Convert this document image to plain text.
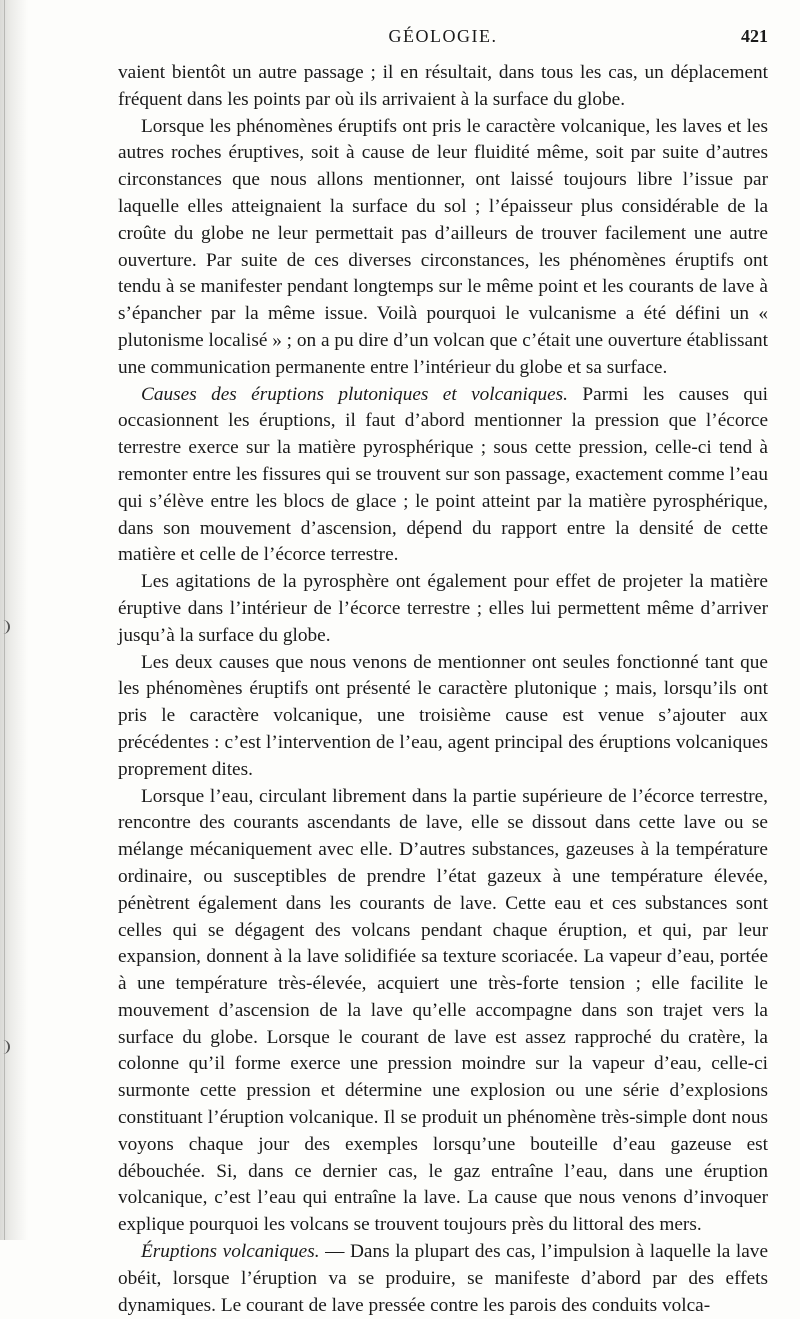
GÉOLOGIE.	421

vaient bientôt un autre passage ; il en résultait, dans tous les cas, un déplacement fréquent dans les points par où ils arrivaient à la surface du globe.

Lorsque les phénomènes éruptifs ont pris le caractère volcanique, les laves et les autres roches éruptives, soit à cause de leur fluidité même, soit par suite d’autres circonstances que nous allons mentionner, ont laissé toujours libre l’issue par laquelle elles atteignaient la surface du sol ; l’épaisseur plus considérable de la croûte du globe ne leur permettait pas d’ailleurs de trouver facilement une autre ouverture. Par suite de ces diverses circonstances, les phénomènes éruptifs ont tendu à se manifester pendant longtemps sur le même point et les courants de lave à s’épancher par la même issue. Voilà pourquoi le vulcanisme a été défini un « plutonisme localisé » ; on a pu dire d’un volcan que c’était une ouverture établissant une communication permanente entre l’intérieur du globe et sa surface.

Causes des éruptions plutoniques et volcaniques. Parmi les causes qui occasionnent les éruptions, il faut d’abord mentionner la pression que l’écorce terrestre exerce sur la matière pyrosphérique ; sous cette pression, celle-ci tend à remonter entre les fissures qui se trouvent sur son passage, exactement comme l’eau qui s’élève entre les blocs de glace ; le point atteint par la matière pyrosphérique, dans son mouvement d’ascension, dépend du rapport entre la densité de cette matière et celle de l’écorce terrestre.

Les agitations de la pyrosphère ont également pour effet de projeter la matière éruptive dans l’intérieur de l’écorce terrestre ; elles lui permettent même d’arriver jusqu’à la surface du globe.

Les deux causes que nous venons de mentionner ont seules fonctionné tant que les phénomènes éruptifs ont présenté le caractère plutonique ; mais, lorsqu’ils ont pris le caractère volcanique, une troisième cause est venue s’ajouter aux précédentes : c’est l’intervention de l’eau, agent principal des éruptions volcaniques proprement dites.

Lorsque l’eau, circulant librement dans la partie supérieure de l’écorce terrestre, rencontre des courants ascendants de lave, elle se dissout dans cette lave ou se mélange mécaniquement avec elle. D’autres substances, gazeuses à la température ordinaire, ou susceptibles de prendre l’état gazeux à une température élevée, pénètrent également dans les courants de lave. Cette eau et ces substances sont celles qui se dégagent des volcans pendant chaque éruption, et qui, par leur expansion, donnent à la lave solidifiée sa texture scoriacée. La vapeur d’eau, portée à une température très-élevée, acquiert une très-forte tension ; elle facilite le mouvement d’ascension de la lave qu’elle accompagne dans son trajet vers la surface du globe. Lorsque le courant de lave est assez rapproché du cratère, la colonne qu’il forme exerce une pression moindre sur la vapeur d’eau, celle-ci surmonte cette pression et détermine une explosion ou une série d’explosions constituant l’éruption volcanique. Il se produit un phénomène très-simple dont nous voyons chaque jour des exemples lorsqu’une bouteille d’eau gazeuse est débouchée. Si, dans ce dernier cas, le gaz entraîne l’eau, dans une éruption volcanique, c’est l’eau qui entraîne la lave. La cause que nous venons d’invoquer explique pourquoi les volcans se trouvent toujours près du littoral des mers.

Éruptions volcaniques. — Dans la plupart des cas, l’impulsion à laquelle la lave obéit, lorsque l’éruption va se produire, se manifeste d’abord par des effets dynamiques. Le courant de lave pressée contre les parois des conduits volca-
